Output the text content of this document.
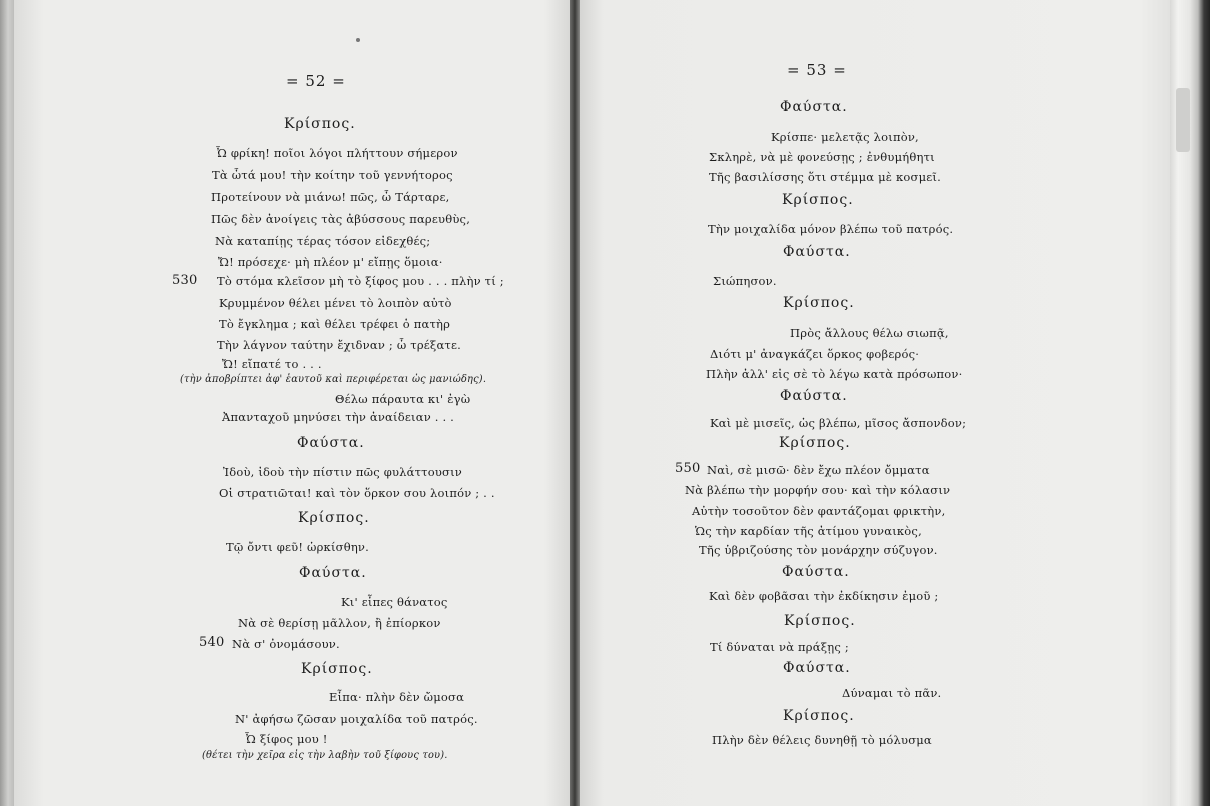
= 52 =
Κρίσπος.
Ὦ φρίκη! ποῖοι λόγοι πλήττουν σήμερον
Τὰ ὦτά μου! τὴν κοίτην τοῦ γεννήτορος
Προτείνουν νὰ μιάνω! πῶς, ὦ Τάρταρε,
Πῶς δὲν ἀνοίγεις τὰς ἀβύσσους παρευθὺς,
Νὰ καταπίῃς τέρας τόσον εἰδεχθές;
Ὤ! πρόσεχε· μὴ πλέον μ' εἴπῃς ὅμοια·
530 Τὸ στόμα κλεῖσον μὴ τὸ ξίφος μου . . . πλὴν τί ;
Κρυμμένον θέλει μένει τὸ λοιπὸν αὐτὸ
Τὸ ἔγκλημα ; καὶ θέλει τρέφει ὁ πατὴρ
Τὴν λάγνον ταύτην ἔχιδναν ; ὦ τρέξατε.
Ὤ! εἴπατέ το . . .
(τὴν ἀποβρίπτει ἀφ' ἑαυτοῦ καὶ περιφέρεται ὡς μανιώδης).
Θέλω πάραυτα κι' ἐγὼ
Ἀπανταχοῦ μηνύσει τὴν ἀναίδειαν . . .
Φαύστα.
Ἰδοὺ, ἰδοὺ τὴν πίστιν πῶς φυλάττουσιν
Οἱ στρατιῶται! καὶ τὸν ὅρκον σου λοιπόν ; . .
Κρίσπος.
Τῷ ὄντι φεῦ! ὡρκίσθην.
Φαύστα.
Κι' εἶπες θάνατος
Νὰ σὲ θερίσῃ μᾶλλον, ἢ ἐπίορκον
540 Νὰ σ' ὀνομάσουν.
Κρίσπος.
Εἶπα· πλὴν δὲν ὤμοσα
Ν' ἀφήσω ζῶσαν μοιχαλίδα τοῦ πατρός.
Ὦ ξίφος μου !
(θέτει τὴν χεῖρα εἰς τὴν λαβὴν τοῦ ξίφους του).
= 53 =
Φαύστα.
Κρίσπε· μελετᾷς λοιπὸν,
Σκληρὲ, νὰ μὲ φονεύσῃς ; ἐνθυμήθητι
Τῆς βασιλίσσης ὅτι στέμμα μὲ κοσμεῖ.
Κρίσπος.
Τὴν μοιχαλίδα μόνον βλέπω τοῦ πατρός.
Φαύστα.
Σιώπησον.
Κρίσπος.
Πρὸς ἄλλους θέλω σιωπᾷ,
Διότι μ' ἀναγκάζει ὅρκος φοβερός·
Πλὴν ἀλλ' εἰς σὲ τὸ λέγω κατὰ πρόσωπον·
Φαύστα.
Καὶ μὲ μισεῖς, ὡς βλέπω, μῖσος ἄσπονδον;
Κρίσπος.
550 Ναὶ, σὲ μισῶ· δὲν ἔχω πλέον ὄμματα
Νὰ βλέπω τὴν μορφήν σου· καὶ τὴν κόλασιν
Αὐτὴν τοσοῦτον δὲν φαντάζομαι φρικτὴν,
Ὡς τὴν καρδίαν τῆς ἀτίμου γυναικὸς,
Τῆς ὑβριζούσης τὸν μονάρχην σύζυγον.
Φαύστα.
Καὶ δὲν φοβᾶσαι τὴν ἐκδίκησιν ἐμοῦ ;
Κρίσπος.
Τί δύναται νὰ πράξῃς ;
Φαύστα.
Δύναμαι τὸ πᾶν.
Κρίσπος.
Πλὴν δὲν θέλεις δυνηθῇ τὸ μόλυσμα
